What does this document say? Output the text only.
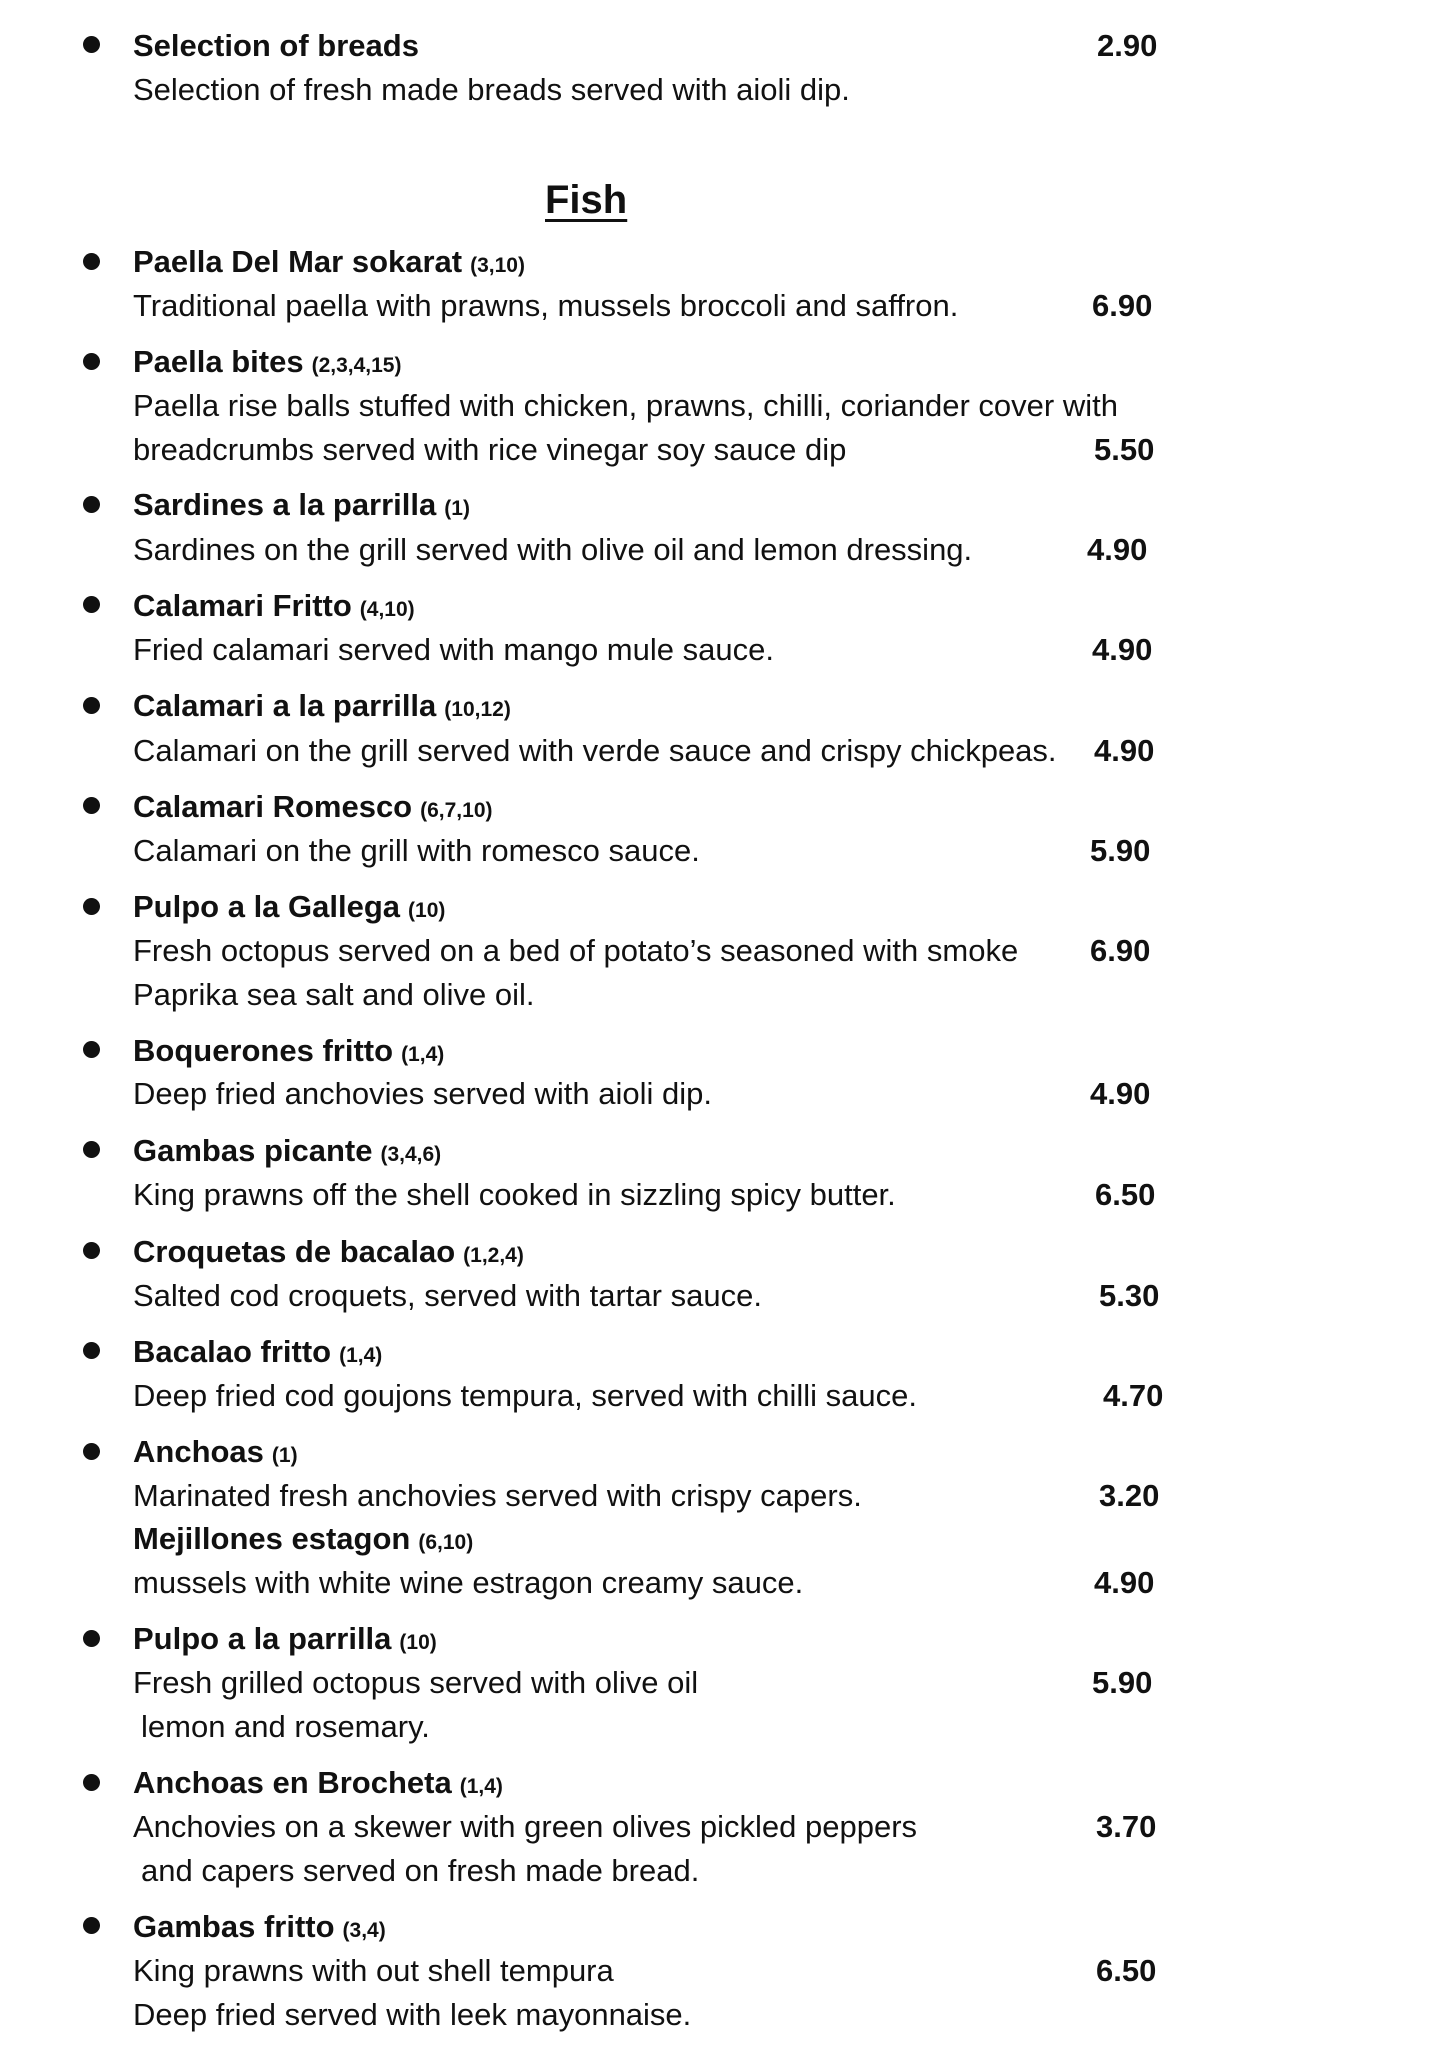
Selection of breads	2.90
Selection of fresh made breads served with aioli dip.
Fish
Paella Del Mar sokarat (3,10)
Traditional paella with prawns, mussels broccoli and saffron.	6.90
Paella bites (2,3,4,15)
Paella rise balls stuffed with chicken, prawns, chilli, coriander cover with
breadcrumbs served with rice vinegar soy sauce dip	5.50
Sardines a la parrilla (1)
Sardines on the grill served with olive oil and lemon dressing.	4.90
Calamari Fritto (4,10)
Fried calamari served with mango mule sauce.	4.90
Calamari a la parrilla (10,12)
Calamari on the grill served with verde sauce and crispy chickpeas. 4.90
Calamari Romesco (6,7,10)
Calamari on the grill with romesco sauce.	5.90
Pulpo a la Gallega (10)
Fresh octopus served on a bed of potato’s seasoned with smoke 6.90
Paprika sea salt and olive oil.
Boquerones fritto (1,4)
Deep fried anchovies served with aioli dip.	4.90
Gambas picante (3,4,6)
King prawns off the shell cooked in sizzling spicy butter.	6.50
Croquetas de bacalao (1,2,4)
Salted cod croquets, served with tartar sauce.	5.30
Bacalao fritto (1,4)
Deep fried cod goujons tempura, served with chilli sauce.	4.70
Anchoas (1)
Marinated fresh anchovies served with crispy capers.	3.20
Mejillones estagon (6,10)
mussels with white wine estragon creamy sauce.	4.90
Pulpo a la parrilla (10)
Fresh grilled octopus served with olive oil	5.90
lemon and rosemary.
Anchoas en Brocheta (1,4)
Anchovies on a skewer with green olives pickled peppers	3.70
and capers served on fresh made bread.
Gambas fritto (3,4)
King prawns with out shell tempura	6.50
Deep fried served with leek mayonnaise.
